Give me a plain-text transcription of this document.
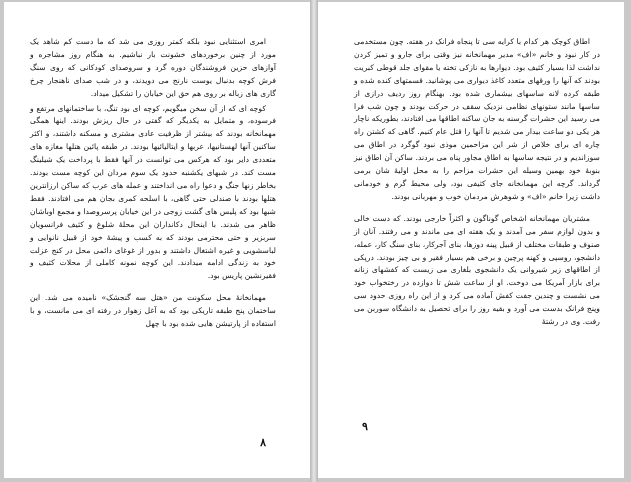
امری استثنایی نبود بلکه کمتر روزی می شد که ما دست کم شاهد یک مورد از چنین برخوردهای خشونت بار نباشیم. به هنگام روز مشاجره و آوازهای حزین فروشندگان دوره گرد و سروصدای کودکانی که روی سنگ فرش کوچه بدنبال یوست نارنج می دویدند، و در شب صدای ناهنجار چرخ گاری های زباله بر روی هم حق این خیابان را تشکیل میداد.

کوچه ای که از آن سخن میگویم، کوچه ای بود تنگ، با ساختمانهای مرتفع و فرسوده، و متمایل به یکدیگر که گفتی در حال ریزش بودند. اینها همگی مهمانخانه بودند که بیشتر از ظرفیت عادی مشتری و مسکنه داشتند، و اکثر ساکنین آنها لهستانیها، عربها و ایتالیائیها بودند. در طبقه پائین هتلها مغازه های متعددی دایر بود که هرکس می توانست در آنها فقط با پرداخت یک شیلینگ مست کند. در شبهای یکشنبه حدود یک سوم مردان این کوچه مست بودند. بخاطر زنها جنگ و دعوا راه می انداختند و عمله های عرب که ساکن ارزانترین هتلها بودند با صندلی حتی گاهی، با اسلحه کمری بجان هم می افتادند. فقط شبها بود که پلیس های گشت زوجی در این خیابان پرسروصدا و مجمع اوباشان ظاهر می شدند. با اینحال دکانداران این محلهٔ شلوغ و کثیف فرانسویان سربزیر و حتی محترمی بودند که به کسب و پیشهٔ خود از قبیل نانوایی و لباسشویی و غیره اشتغال داشتند و بدور از غوغای دائمی محل در کنج عزلت خود به زندگی ادامه میدادند. این کوچه نمونه کاملی از محلات کثیف و فقیرنشین پاریس بود.

مهمانخانهٔ محل سکونت من «هتل سه گنجشک» نامیده می شد. این ساختمان پنج طبقه تاریکی بود که به آغل زهوار در رفته ای می مانست، و با استفاده از پارتیشن هایی شده بود با چهل

٨

اطاق کوچک هر کدام با کرایه سی تا پنجاه فرانک در هفته. چون مستخدمی در کار نبود و خانم «اف» مدیر مهمانخانه نیز وقتی برای جارو و تمیز کردن نداشت لذا بسیار کثیف بود. دیوارها به نازکی تخته یا مقوای جلد قوطی کبریت بودند که آنها را ورقهای متعدد کاغذ دیواری می پوشانید. قسمتهای کنده شده و طبقه کرده لانه ساسهای بیشماری شده بود. بهنگام روز ردیف درازی از ساسها مانند ستونهای نظامی نزدیک سقف در حرکت بودند و چون شب فرا می رسید این حشرات گرسنه به جان ساکنه اطاقها می افتادند، بطوریکه ناچار هر یکی دو ساعت بیدار می شدیم تا آنها را قتل عام کنیم. گاهی که کشتن راه چاره ای برای خلاص از شر این مزاحمین موذی نبود گوگرد در اطاق می سوزاندیم و در نتیجه ساسها به اطاق مجاور پناه می بردند. ساکن آن اطاق نیز بنوبهٔ خود بهمین وسیله این حشرات مزاحم را به محل اولیهٔ شان برمی گرداند. گرچه این مهمانخانه جای کثیفی بود، ولی محیط گرم و خودمانی داشت زیرا خانم «اف» و شوهرش مردمان خوب و مهربانی بودند.

مشتریان مهمانخانه اشخاص گوناگون و اکثراً خارجی بودند. که دست خالی و بدون لوازم سفر می آمدند و یک هفته ای می ماندند و می رفتند. آنان از صنوف و طبقات مختلف از قبیل پینه دوزها، بنای آجرکار، بنای سنگ کار، عمله، دانشجو، روسپی و کهنه پرچین و برخی هم بسیار فقیر و بی چیز بودند. درپکی از اطاقهای زیر شیروانی یک دانشجوی بلغاری می زیست که کفشهای زنانه برای بازار آمریکا می دوخت. او از ساعت شش تا دوازده در رختخواب خود می نشست و چندین جفت کفش آماده می کرد و از این راه روزی حدود سی وپنج فرانک بدست می آورد و بقیه روز را برای تحصیل به دانشگاه سوربن می رفت. وی در رشتهٔ

٩
